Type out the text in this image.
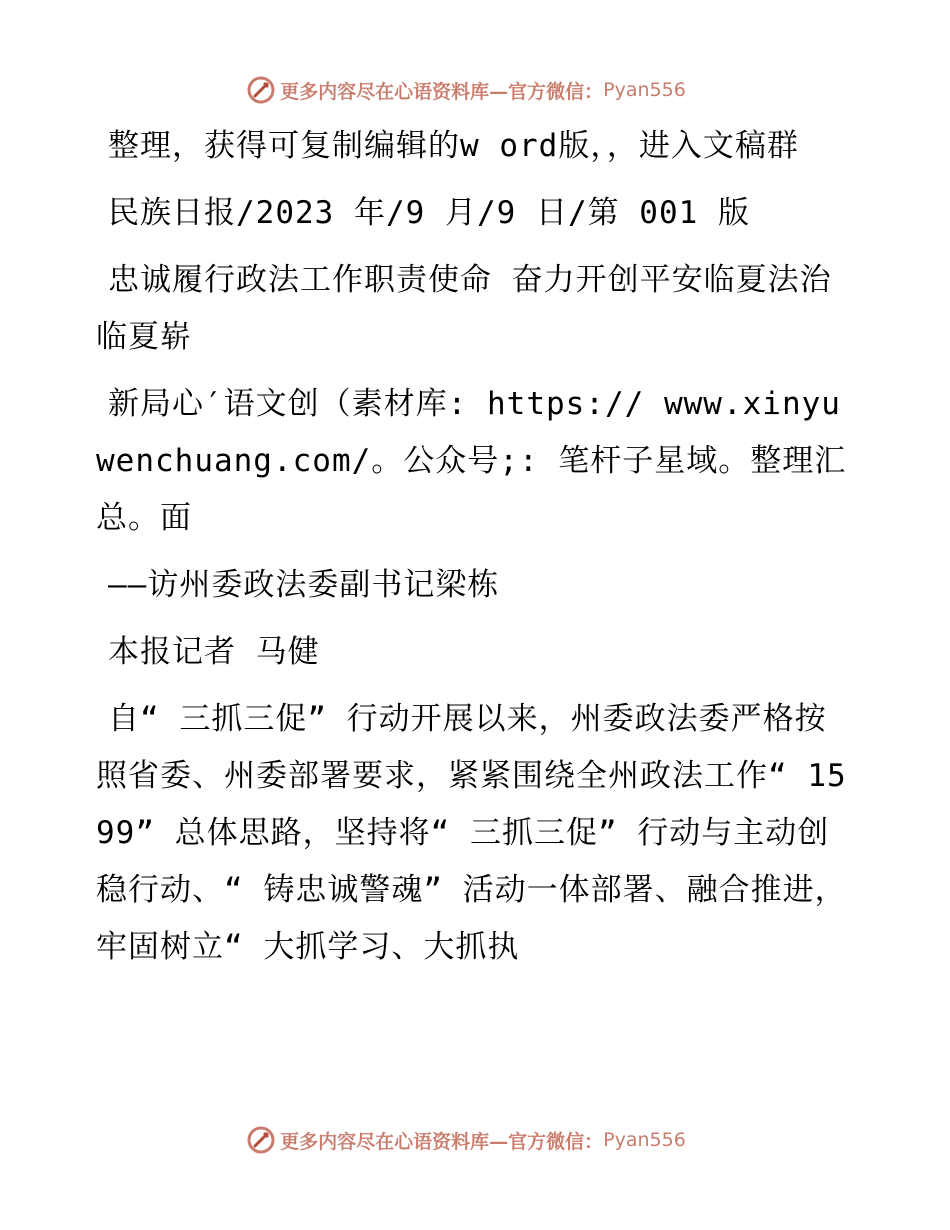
更多内容尽在心语资料库—官方微信： Pyan556

整理，获得可复制编辑的w ord版，，进入文稿群

民族日报/2023 年/9 月/9 日/第 001 版

忠诚履行政法工作职责使命 奋力开创平安临夏法治临夏崭

新局心′语文创（素材库: https:// www.xinyuwenchuang.com/。公众号;: 笔杆子星域。整理汇总。面

——访州委政法委副书记梁栋

本报记者 马健

自“ 三抓三促” 行动开展以来，州委政法委严格按照省委、州委部署要求，紧紧围绕全州政法工作“ 1599” 总体思路，坚持将“ 三抓三促” 行动与主动创稳行动、“ 铸忠诚警魂” 活动一体部署、融合推进，牢固树立“ 大抓学习、大抓执

更多内容尽在心语资料库—官方微信： Pyan556
